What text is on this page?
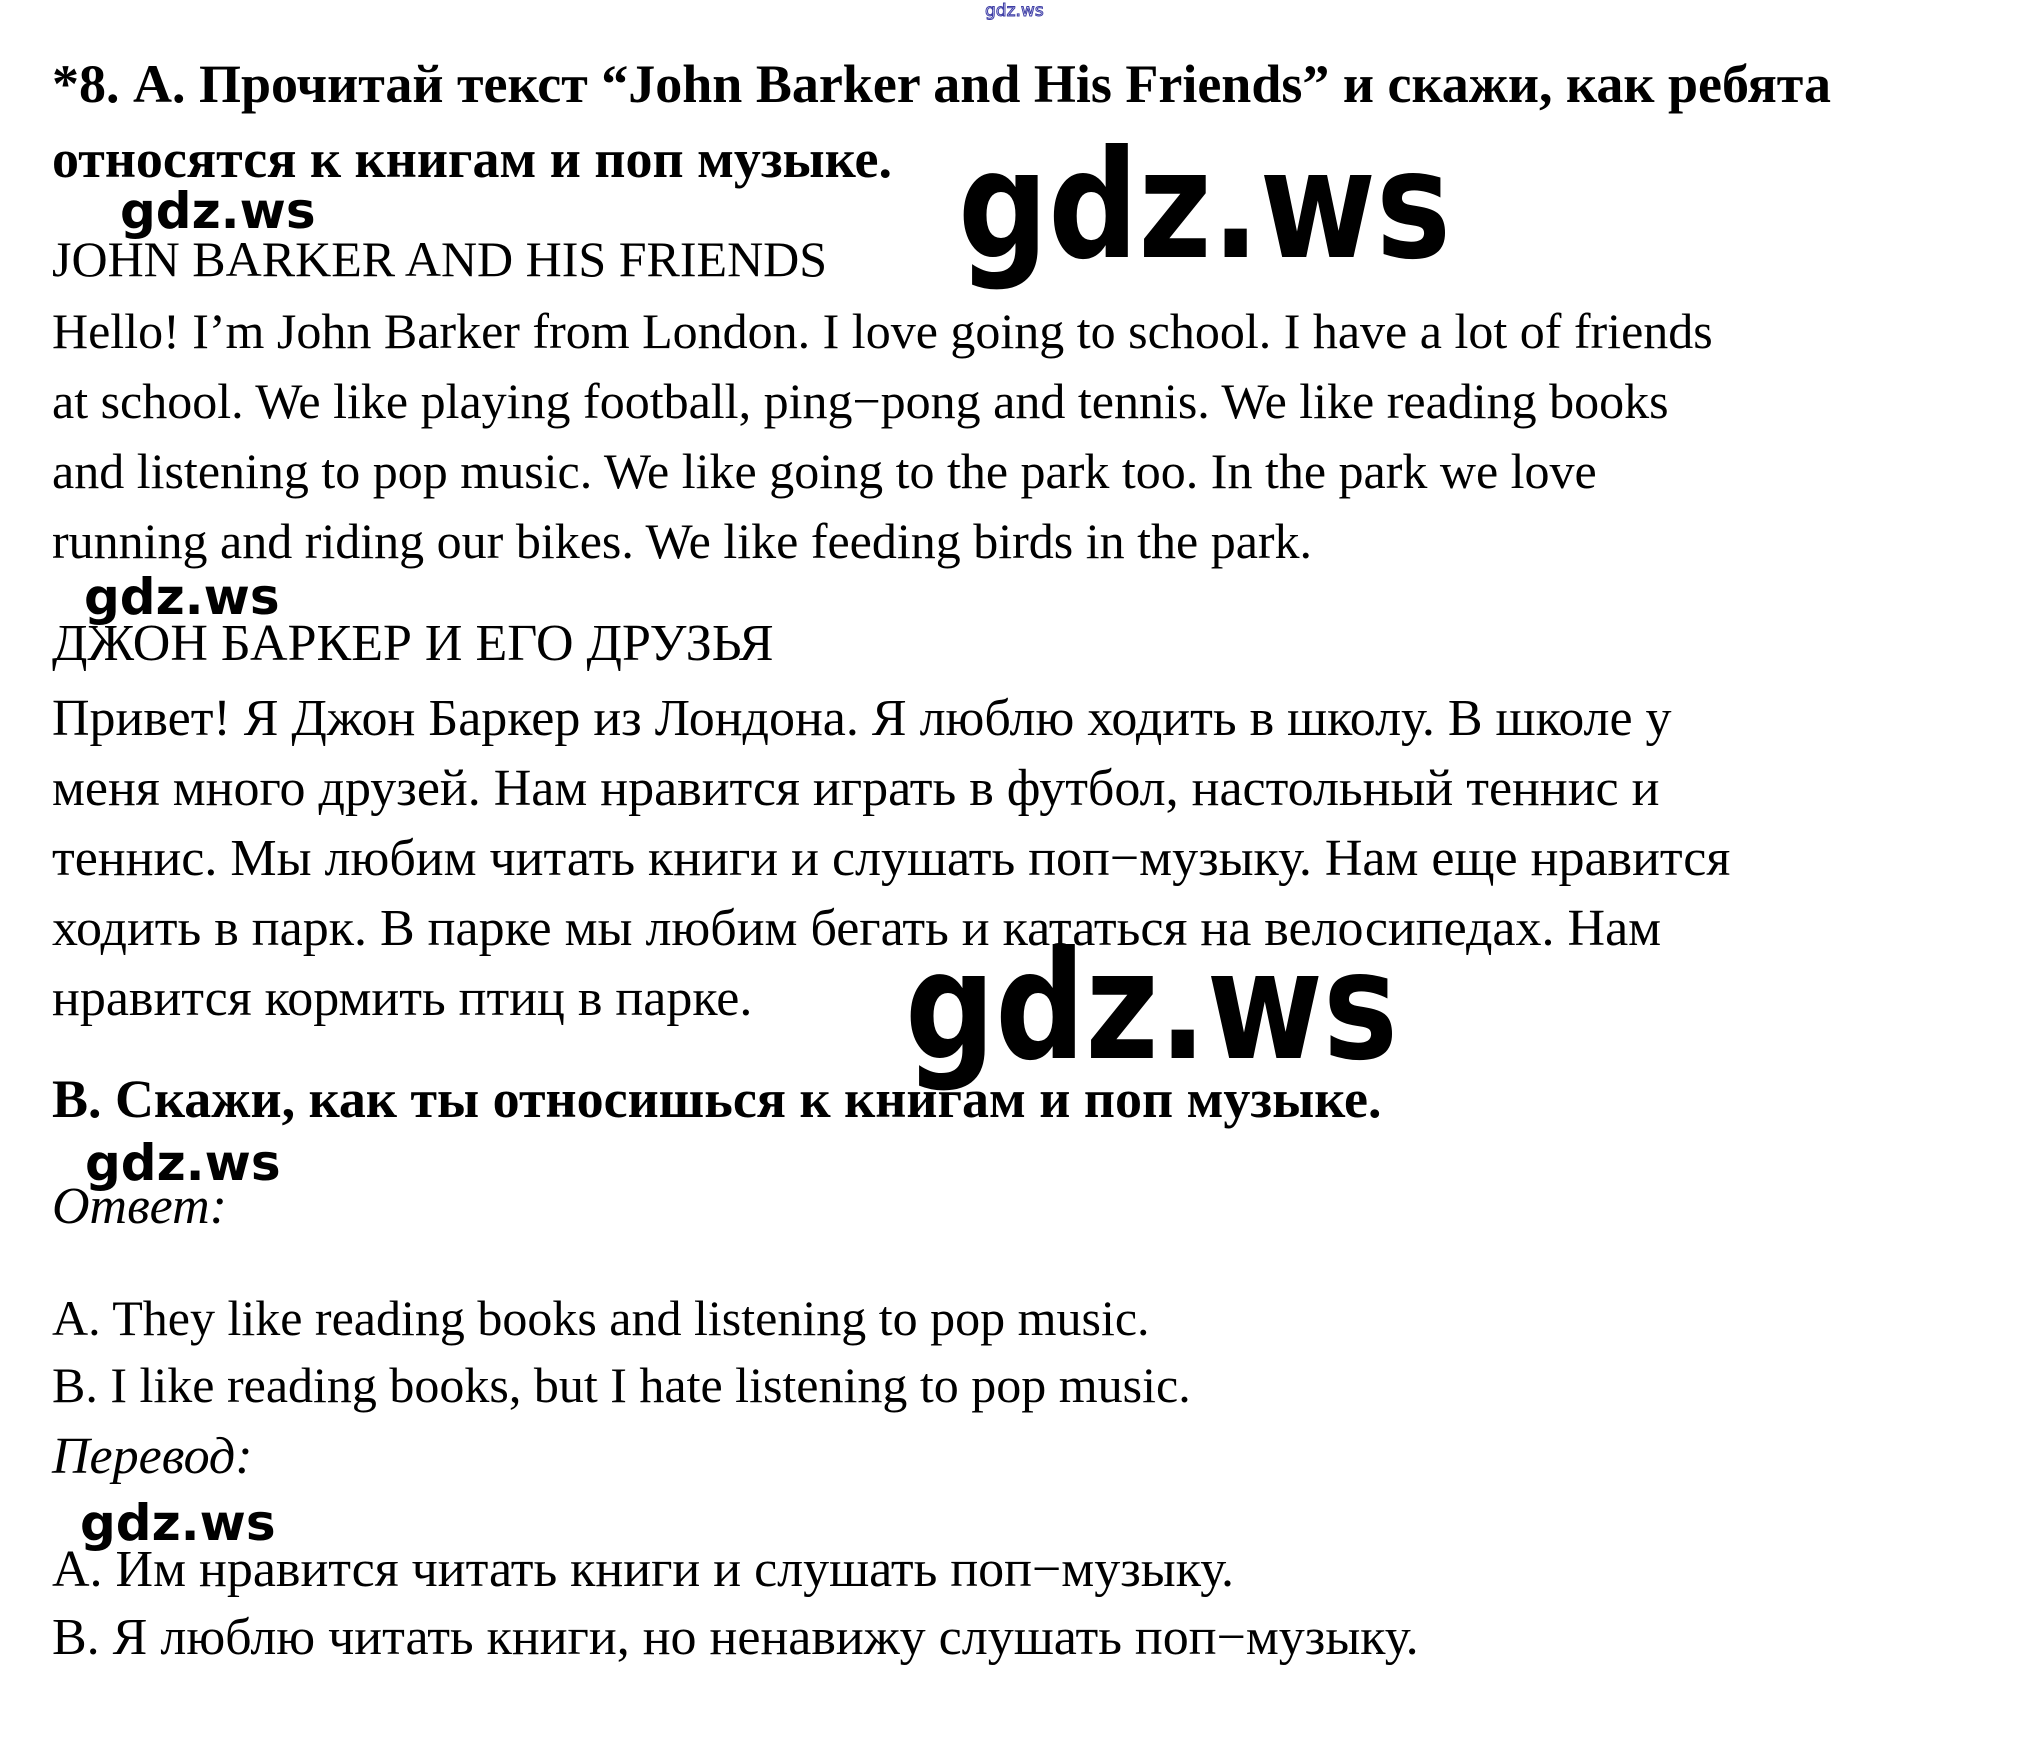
gdz.ws
*8. А. Прочитай текст “John Barker and His Friends” и скажи, как ребята
относятся к книгам и поп музыке.
gdz.ws	gdz.ws
JOHN BARKER AND HIS FRIENDS
Hello! I’m John Barker from London. I love going to school. I have a lot of friends
at school. We like playing football, ping−pong and tennis. We like reading books
and listening to pop music. We like going to the park too. In the park we love
running and riding our bikes. We like feeding birds in the park.
gdz.ws
ДЖОН БАРКЕР И ЕГО ДРУЗЬЯ
Привет! Я Джон Баркер из Лондона. Я люблю ходить в школу. В школе у
меня много друзей. Нам нравится играть в футбол, настольный теннис и
теннис. Мы любим читать книги и слушать поп−музыку. Нам еще нравится
ходить в парк. В парке мы любим бегать и кататься на велосипедах. Нам
нравится кормить птиц в парке. gdz.ws
В. Скажи, как ты относишься к книгам и поп музыке.
gdz.ws
Ответ:
A. They like reading books and listening to pop music.
B. I like reading books, but I hate listening to pop music.
Перевод:
gdz.ws
А. Им нравится читать книги и слушать поп−музыку.
В. Я люблю читать книги, но ненавижу слушать поп−музыку.
